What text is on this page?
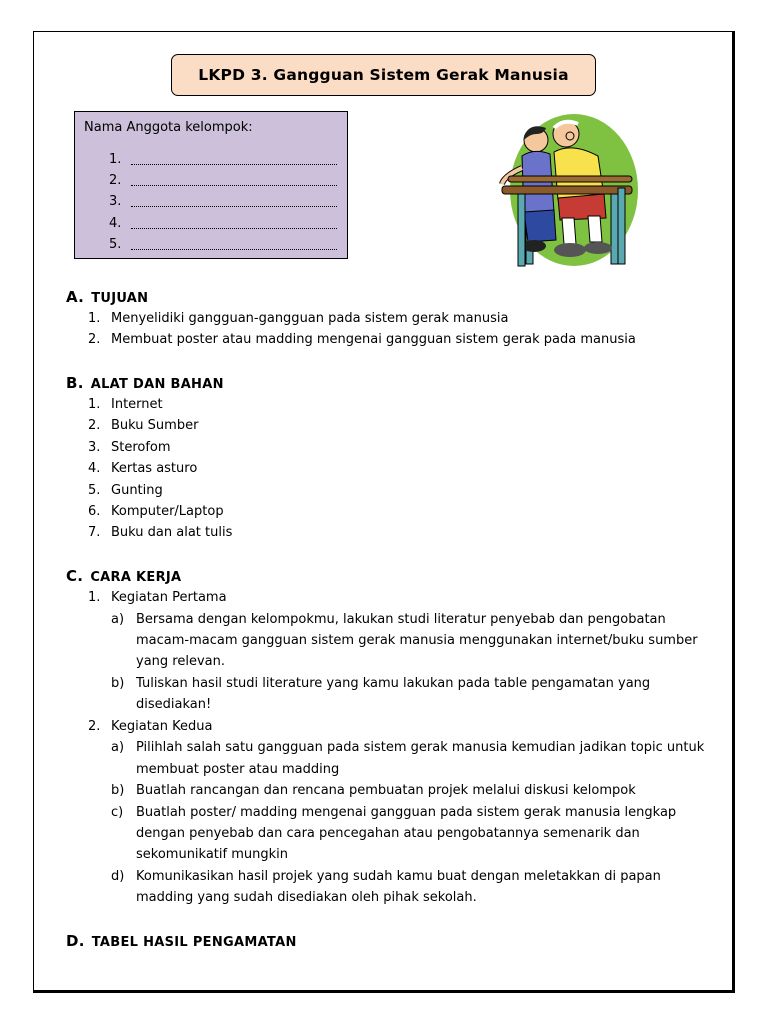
LKPD 3. Gangguan Sistem Gerak Manusia
Nama Anggota kelompok:
1.
2.
3.
4.
5.
A. TUJUAN
1. Menyelidiki gangguan-gangguan pada sistem gerak manusia
2. Membuat poster atau madding mengenai gangguan sistem gerak pada manusia
B. ALAT DAN BAHAN
1. Internet
2. Buku Sumber
3. Sterofom
4. Kertas asturo
5. Gunting
6. Komputer/Laptop
7. Buku dan alat tulis
C. CARA KERJA
1. Kegiatan Pertama
a) Bersama dengan kelompokmu, lakukan studi literatur penyebab dan pengobatan
macam-macam gangguan sistem gerak manusia menggunakan internet/buku sumber
yang relevan.
b) Tuliskan hasil studi literature yang kamu lakukan pada table pengamatan yang
disediakan!
2. Kegiatan Kedua
a) Pilihlah salah satu gangguan pada sistem gerak manusia kemudian jadikan topic untuk
membuat poster atau madding
b) Buatlah rancangan dan rencana pembuatan projek melalui diskusi kelompok
c) Buatlah poster/ madding mengenai gangguan pada sistem gerak manusia lengkap
dengan penyebab dan cara pencegahan atau pengobatannya semenarik dan
sekomunikatif mungkin
d) Komunikasikan hasil projek yang sudah kamu buat dengan meletakkan di papan
madding yang sudah disediakan oleh pihak sekolah.
D. TABEL HASIL PENGAMATAN
